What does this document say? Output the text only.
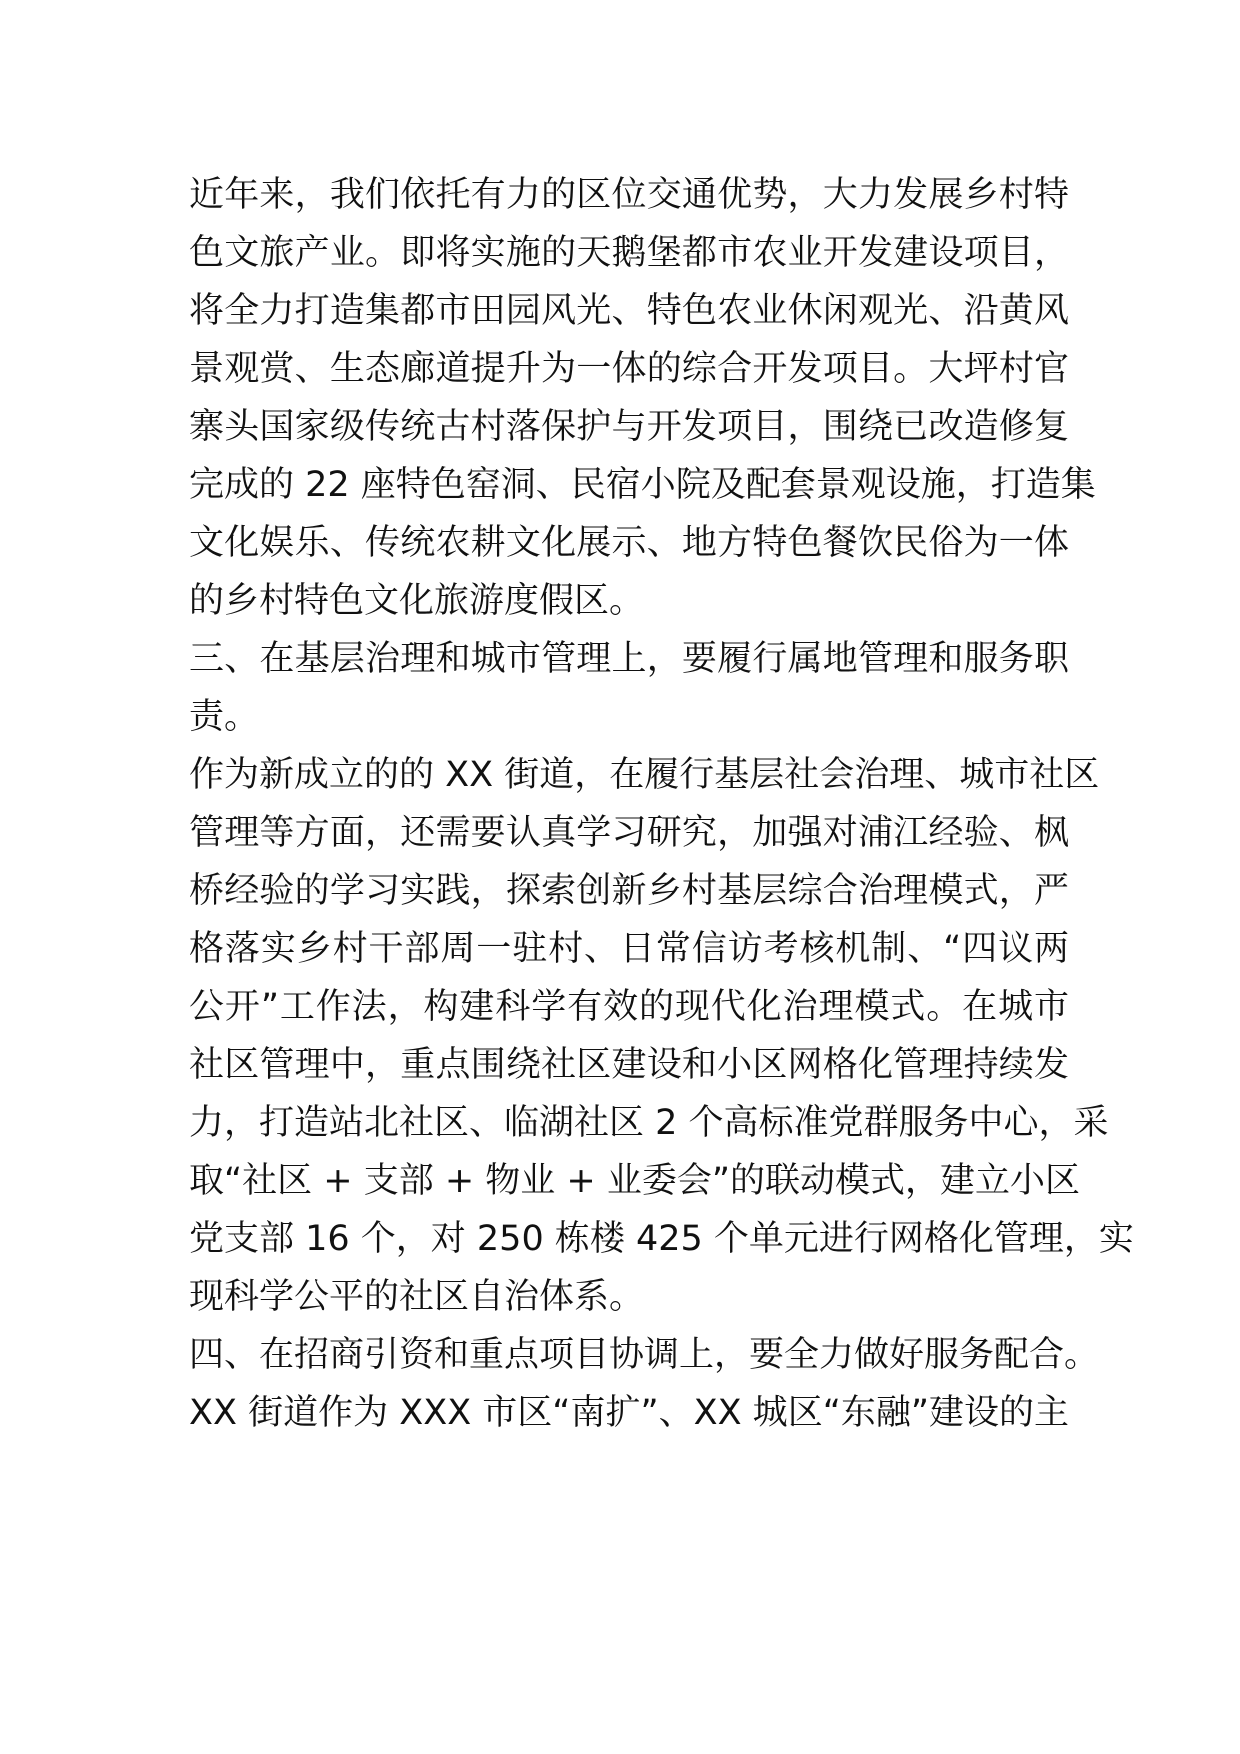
近年来，我们依托有力的区位交通优势，大力发展乡村特
色文旅产业。即将实施的天鹅堡都市农业开发建设项目，
将全力打造集都市田园风光、特色农业休闲观光、沿黄风
景观赏、生态廊道提升为一体的综合开发项目。大坪村官
寨头国家级传统古村落保护与开发项目，围绕已改造修复
完成的 22 座特色窑洞、民宿小院及配套景观设施，打造集
文化娱乐、传统农耕文化展示、地方特色餐饮民俗为一体
的乡村特色文化旅游度假区。
三、在基层治理和城市管理上，要履行属地管理和服务职
责。
作为新成立的的 XX 街道，在履行基层社会治理、城市社区
管理等方面，还需要认真学习研究，加强对浦江经验、枫
桥经验的学习实践，探索创新乡村基层综合治理模式，严
格落实乡村干部周一驻村、日常信访考核机制、“四议两
公开”工作法，构建科学有效的现代化治理模式。在城市
社区管理中，重点围绕社区建设和小区网格化管理持续发
力，打造站北社区、临湖社区 2 个高标准党群服务中心，采
取“社区 + 支部 + 物业 + 业委会”的联动模式，建立小区
党支部 16 个，对 250 栋楼 425 个单元进行网格化管理，实
现科学公平的社区自治体系。
四、在招商引资和重点项目协调上，要全力做好服务配合。
XX 街道作为 XXX 市区“南扩”、XX 城区“东融”建设的主
